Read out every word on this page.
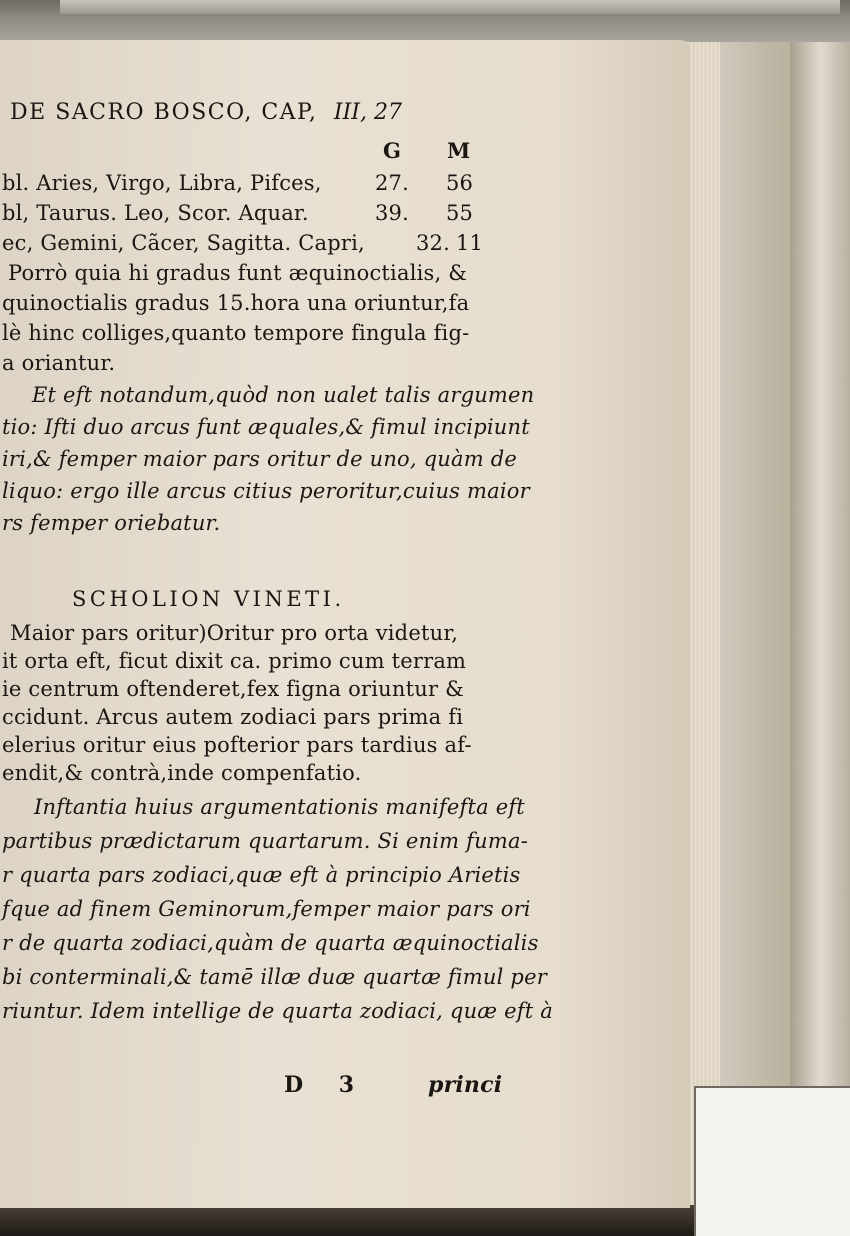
DE SACRO BOSCO, CAP, III, 27
G M
bl. Aries, Virgo, Libra, Pifces,	27. 56
bl, Taurus. Leo, Scor. Aquar.	39. 55
ec, Gemini, Cãcer, Sagitta. Capri, 32. 11
Porrò quia hi gradus funt æquinoctialis, &
quinoctialis gradus 15.hora una oriuntur,fa
lè hinc colliges,quanto tempore fingula fig-
a oriantur.
Et eft notandum,quòd non ualet talis argumen
tio: Ifti duo arcus funt æquales,& fimul incipiunt
iri,& femper maior pars oritur de uno, quàm de
liquo: ergo ille arcus citius peroritur,cuius maior
rs femper oriebatur.
SCHOLION VINETI.
Maior pars oritur)Oritur pro orta videtur,
it orta eft, ficut dixit ca. primo cum terram
ie centrum oftenderet,fex figna oriuntur &
ccidunt. Arcus autem zodiaci pars prima fi
elerius oritur eius pofterior pars tardius af-
endit,& contrà,inde compenfatio.
Inftantia huius argumentationis manifefta eft
partibus prædictarum quartarum. Si enim fuma-
r quarta pars zodiaci,quæ eft à principio Arietis
fque ad finem Geminorum,femper maior pars ori
r de quarta zodiaci,quàm de quarta æquinoctialis
bi conterminali,& tamē illæ duæ quartæ fimul per
riuntur. Idem intellige de quarta zodiaci, quæ eft à
D 3	princi
